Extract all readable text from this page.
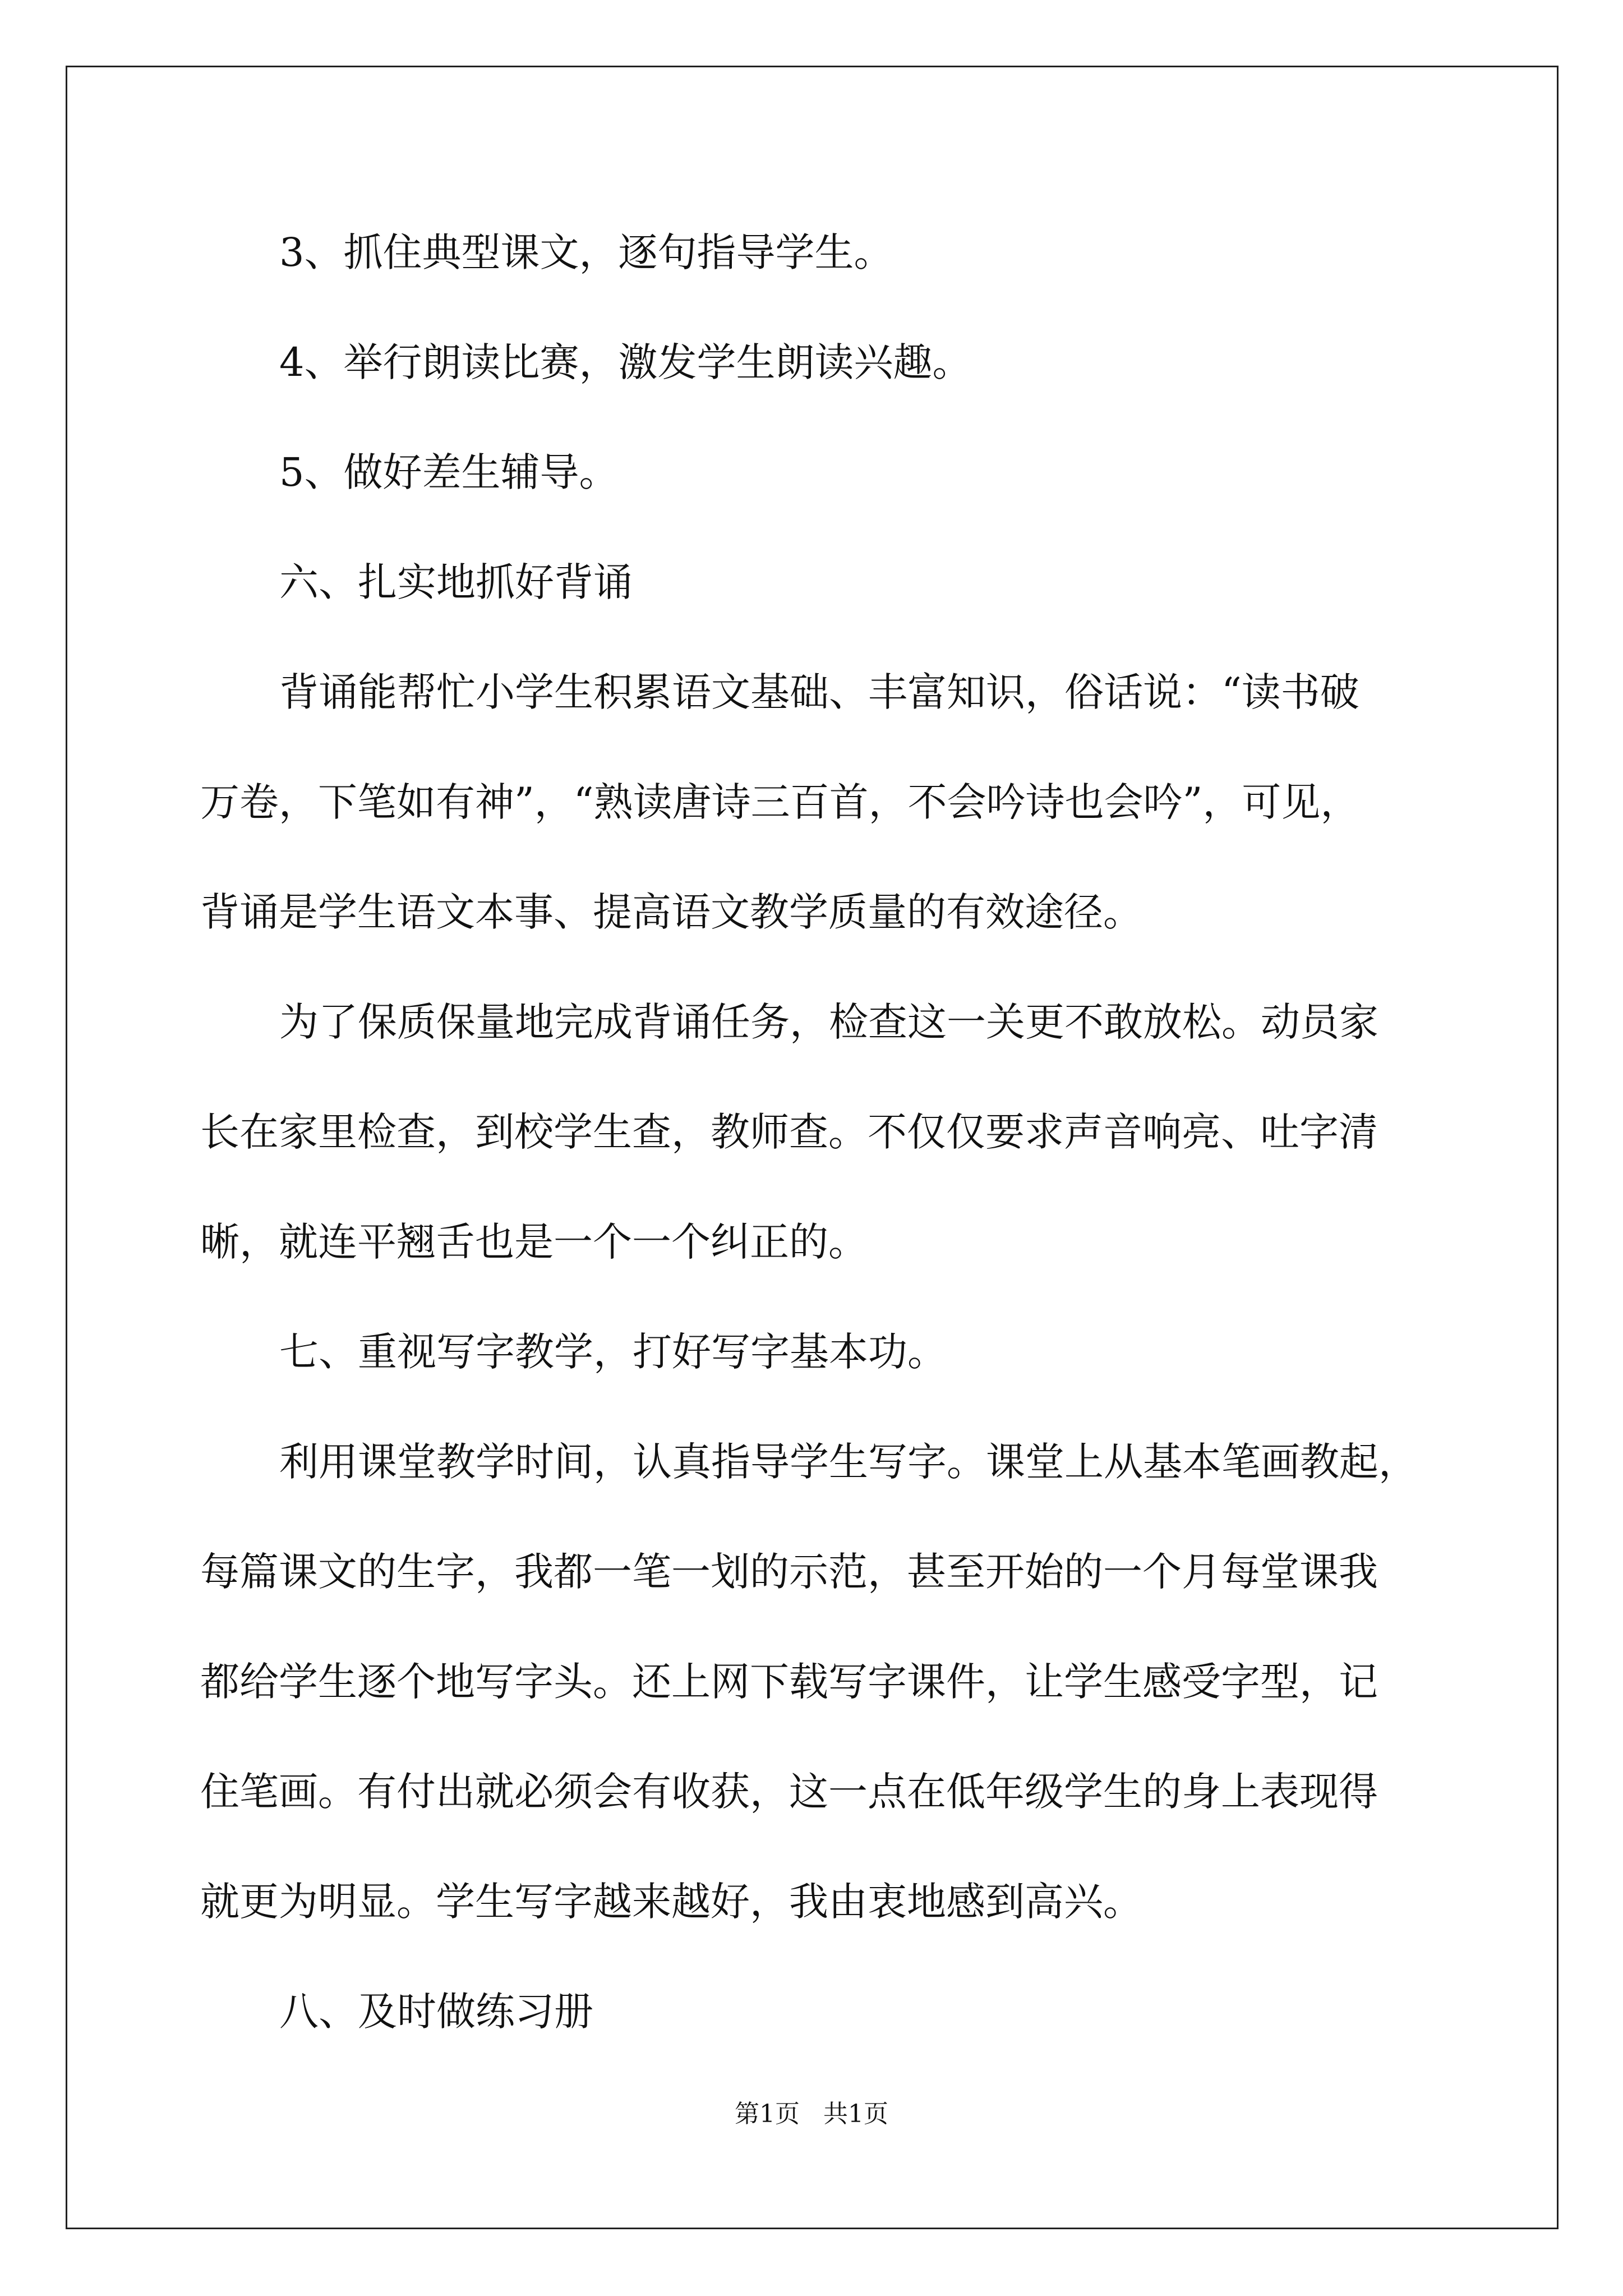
3、抓住典型课文，逐句指导学生。
4、举行朗读比赛，激发学生朗读兴趣。
5、做好差生辅导。
六、扎实地抓好背诵
背诵能帮忙小学生积累语文基础、丰富知识，俗话说：“读书破
万卷，下笔如有神”，“熟读唐诗三百首，不会吟诗也会吟”，可见，
背诵是学生语文本事、提高语文教学质量的有效途径。
为了保质保量地完成背诵任务，检查这一关更不敢放松。动员家
长在家里检查，到校学生查，教师查。不仅仅要求声音响亮、吐字清
晰，就连平翘舌也是一个一个纠正的。
七、重视写字教学，打好写字基本功。
利用课堂教学时间，认真指导学生写字。课堂上从基本笔画教起，
每篇课文的生字，我都一笔一划的示范，甚至开始的一个月每堂课我
都给学生逐个地写字头。还上网下载写字课件，让学生感受字型，记
住笔画。有付出就必须会有收获，这一点在低年级学生的身上表现得
就更为明显。学生写字越来越好，我由衷地感到高兴。
八、及时做练习册
第1页   共1页
